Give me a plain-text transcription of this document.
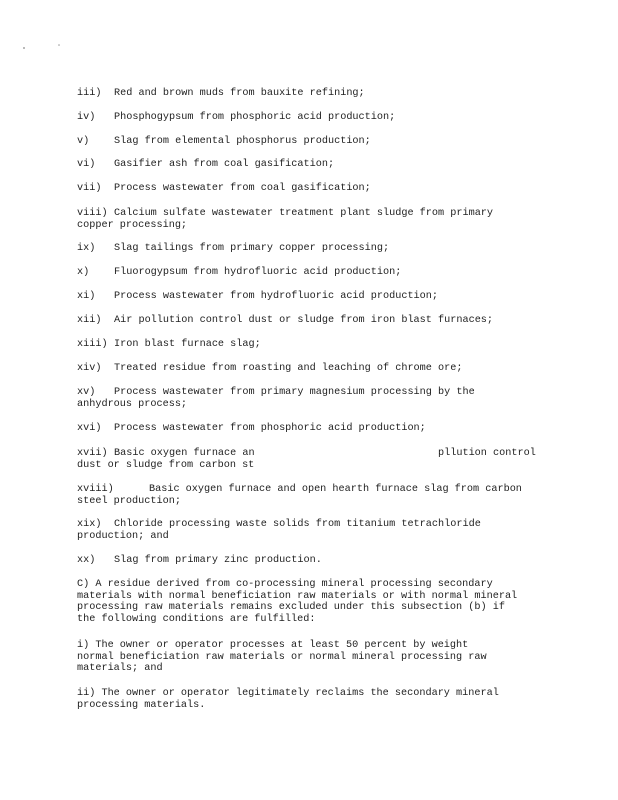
iii) Red and brown muds from bauxite refining;
iv) Phosphogypsum from phosphoric acid production;
v) Slag from elemental phosphorus production;
vi) Gasifier ash from coal gasification;
vii) Process wastewater from coal gasification;
viii) Calcium sulfate wastewater treatment plant sludge from primary
copper processing;
ix) Slag tailings from primary copper processing;
x) Fluorogypsum from hydrofluoric acid production;
xi) Process wastewater from hydrofluoric acid production;
xii) Air pollution control dust or sludge from iron blast furnaces;
xiii) Iron blast furnace slag;
xiv) Treated residue from roasting and leaching of chrome ore;
xv) Process wastewater from primary magnesium processing by the
anhydrous process;
xvi) Process wastewater from phosphoric acid production;
xvii) Basic oxygen furnace an	pllution control
dust or sludge from carbon st
xviii)	Basic oxygen furnace and open hearth furnace slag from carbon
steel production;
xix) Chloride processing waste solids from titanium tetrachloride
production; and
xx) Slag from primary zinc production.
C) A residue derived from co-processing mineral processing secondary
materials with normal beneficiation raw materials or with normal mineral
processing raw materials remains excluded under this subsection (b) if
the following conditions are fulfilled:
i) The owner or operator processes at least 50 percent by weight
normal beneficiation raw materials or normal mineral processing raw
materials; and
ii) The owner or operator legitimately reclaims the secondary mineral
processing materials.
